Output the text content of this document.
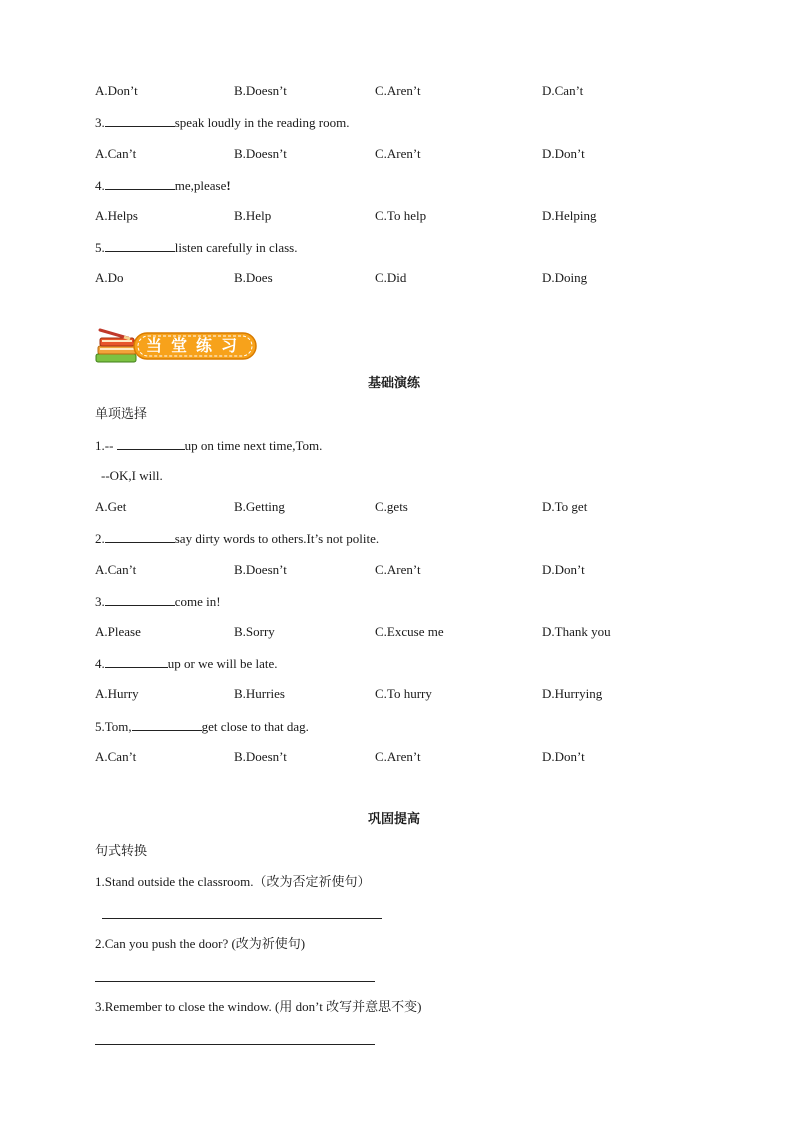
A.Don’t	B.Doesn’t	C.Aren’t	D.Can’t
3.	speak loudly in the reading room.
A.Can’t	B.Doesn’t	C.Aren’t	D.Don’t
4.	me,please!
A.Helps	B.Help	C.To help	D.Helping
5.	listen carefully in class.
A.Do	B.Does	C.Did	D.Doing
当堂练习
基础演练
单项选择
1.--	up on time next time,Tom.
--OK,I will.
A.Get	B.Getting	C.gets	D.To get
2.	say dirty words to others.It’s not polite.
A.Can’t	B.Doesn’t	C.Aren’t	D.Don’t
3.	come in!
A.Please	B.Sorry	C.Excuse me	D.Thank you
4.	up or we will be late.
A.Hurry	B.Hurries	C.To hurry	D.Hurrying
5.Tom,	get close to that dag.
A.Can’t	B.Doesn’t	C.Aren’t	D.Don’t
巩固提高
句式转换
1.Stand outside the classroom.（改为否定祈使句）
2.Can you push the door? (改为祈使句)
3.Remember to close the window. (用 don’t 改写并意思不变)
